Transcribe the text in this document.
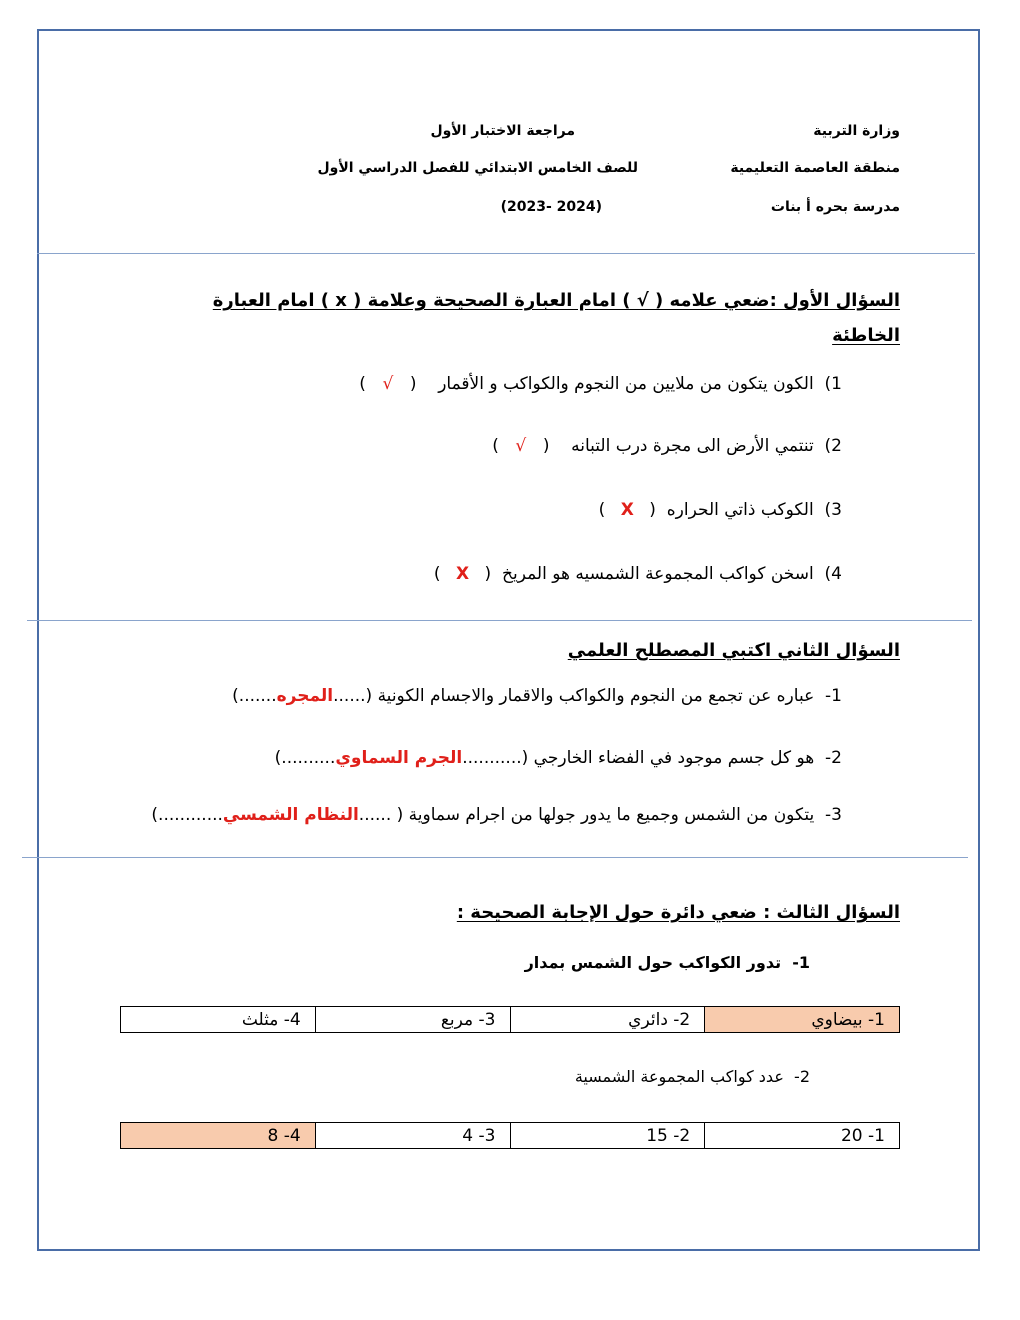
وزارة التربية
منطقة العاصمة التعليمية
مدرسة بحره أ بنات
مراجعة الاختبار الأول
للصف الخامس الابتدائي للفصل الدراسي الأول
(2023- 2024)
السؤال الأول :ضعي علامه ( √ ) امام العبارة الصحيحة وعلامة ( x ) امام العبارة
الخاطئة
1)  الكون يتكون من ملايين من النجوم والكواكب و الأقمار    (√)
2)  تنتمي الأرض الى مجرة درب التبانه    (√)
3)  الكوكب ذاتي الحراره  (X)
4)  اسخن كواكب المجموعة الشمسيه هو المريخ  (X)
السؤال الثاني اكتبي المصطلح العلمي
1-  عباره عن تجمع من النجوم والكواكب والاقمار والاجسام الكونية (......المجره.......)
2-  هو كل جسم موجود في الفضاء الخارجي (...........الجرم السماوي..........)
3-  يتكون من الشمس وجميع ما يدور جولها من اجرام سماوية ( ......النظام الشمسي............)
السؤال الثالث : ضعي دائرة حول الإجابة الصحيحة :
1-  تدور الكواكب حول الشمس بمدار
1- بيضاوي	2- دائري	3- مربع	4- مثلث
2-  عدد كواكب المجموعة الشمسية
1- 20	2- 15	3- 4	4- 8
